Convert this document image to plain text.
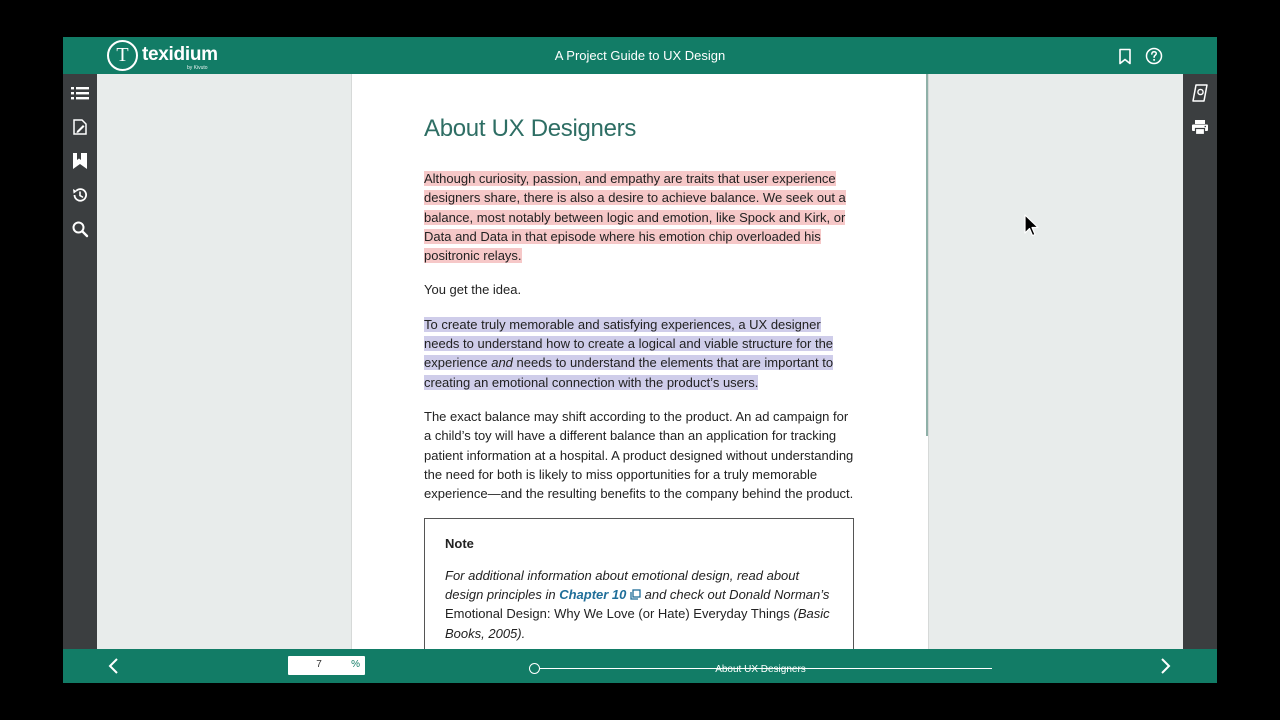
T texidium
by Kivuto
A Project Guide to UX Design
About UX Designers

Although curiosity, passion, and empathy are traits that user experience designers share, there is also a desire to achieve balance. We seek out a balance, most notably between logic and emotion, like Spock and Kirk, or Data and Data in that episode where his emotion chip overloaded his positronic relays.

You get the idea.

To create truly memorable and satisfying experiences, a UX designer needs to understand how to create a logical and viable structure for the experience and needs to understand the elements that are important to creating an emotional connection with the product’s users.

The exact balance may shift according to the product. An ad campaign for a child’s toy will have a different balance than an application for tracking patient information at a hospital. A product designed without understanding the need for both is likely to miss opportunities for a truly memorable experience—and the resulting benefits to the company behind the product.

Note
For additional information about emotional design, read about design principles in Chapter 10  and check out Donald Norman’s Emotional Design: Why We Love (or Hate) Everyday Things (Basic Books, 2005).
7	%	About UX Designers
